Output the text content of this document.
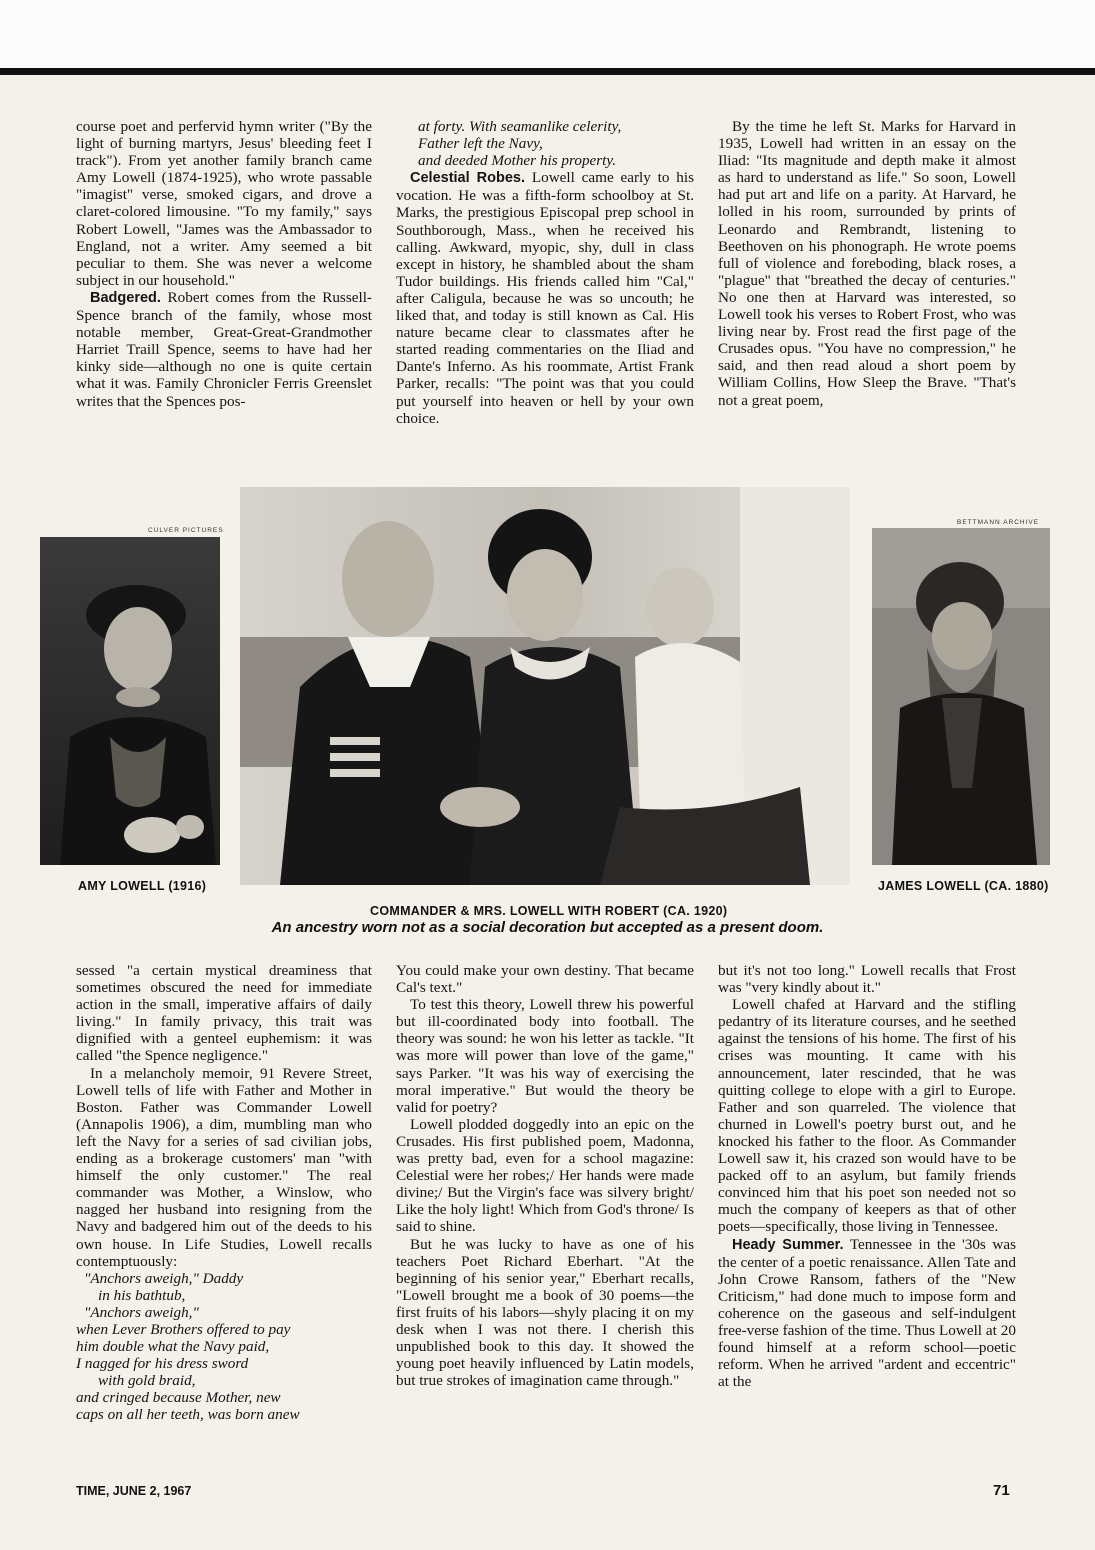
course poet and perfervid hymn writer ("By the light of burning martyrs, Jesus' bleeding feet I track"). From yet another family branch came Amy Lowell (1874-1925), who wrote passable "imagist" verse, smoked cigars, and drove a claret-colored limousine. "To my family," says Robert Lowell, "James was the Ambassador to England, not a writer. Amy seemed a bit peculiar to them. She was never a welcome subject in our household."

Badgered. Robert comes from the Russell-Spence branch of the family, whose most notable member, Great-Great-Grandmother Harriet Traill Spence, seems to have had her kinky side—although no one is quite certain what it was. Family Chronicler Ferris Greenslet writes that the Spences pos-

at forty. With seamanlike celerity,

Father left the Navy,

and deeded Mother his property.

Celestial Robes. Lowell came early to his vocation. He was a fifth-form schoolboy at St. Marks, the prestigious Episcopal prep school in Southborough, Mass., when he received his calling. Awkward, myopic, shy, dull in class except in history, he shambled about the sham Tudor buildings. His friends called him "Cal," after Caligula, because he was so uncouth; he liked that, and today is still known as Cal. His nature became clear to classmates after he started reading commentaries on the Iliad and Dante's Inferno. As his roommate, Artist Frank Parker, recalls: "The point was that you could put yourself into heaven or hell by your own choice.

By the time he left St. Marks for Harvard in 1935, Lowell had written in an essay on the Iliad: "Its magnitude and depth make it almost as hard to understand as life." So soon, Lowell had put art and life on a parity. At Harvard, he lolled in his room, surrounded by prints of Leonardo and Rembrandt, listening to Beethoven on his phonograph. He wrote poems full of violence and foreboding, black roses, a "plague" that "breathed the decay of centuries." No one then at Harvard was interested, so Lowell took his verses to Robert Frost, who was living near by. Frost read the first page of the Crusades opus. "You have no compression," he said, and then read aloud a short poem by William Collins, How Sleep the Brave. "That's not a great poem,

CULVER PICTURES
AMY LOWELL (1916)
COMMANDER & MRS. LOWELL WITH ROBERT (CA. 1920)
An ancestry worn not as a social decoration but accepted as a present doom.
BETTMANN ARCHIVE
JAMES LOWELL (CA. 1880)

sessed "a certain mystical dreaminess that sometimes obscured the need for immediate action in the small, imperative affairs of daily living." In family privacy, this trait was dignified with a genteel euphemism: it was called "the Spence negligence."

In a melancholy memoir, 91 Revere Street, Lowell tells of life with Father and Mother in Boston. Father was Commander Lowell (Annapolis 1906), a dim, mumbling man who left the Navy for a series of sad civilian jobs, ending as a brokerage customers' man "with himself the only customer." The real commander was Mother, a Winslow, who nagged her husband into resigning from the Navy and badgered him out of the deeds to his own house. In Life Studies, Lowell recalls contemptuously:

"Anchors aweigh," Daddy

in his bathtub,

"Anchors aweigh,"

when Lever Brothers offered to pay

him double what the Navy paid,

I nagged for his dress sword

with gold braid,

and cringed because Mother, new

caps on all her teeth, was born anew

You could make your own destiny. That became Cal's text."

To test this theory, Lowell threw his powerful but ill-coordinated body into football. The theory was sound: he won his letter as tackle. "It was more will power than love of the game," says Parker. "It was his way of exercising the moral imperative." But would the theory be valid for poetry?

Lowell plodded doggedly into an epic on the Crusades. His first published poem, Madonna, was pretty bad, even for a school magazine: Celestial were her robes;/ Her hands were made divine;/ But the Virgin's face was silvery bright/ Like the holy light! Which from God's throne/ Is said to shine.

But he was lucky to have as one of his teachers Poet Richard Eberhart. "At the beginning of his senior year," Eberhart recalls, "Lowell brought me a book of 30 poems—the first fruits of his labors—shyly placing it on my desk when I was not there. I cherish this unpublished book to this day. It showed the young poet heavily influenced by Latin models, but true strokes of imagination came through."

but it's not too long." Lowell recalls that Frost was "very kindly about it."

Lowell chafed at Harvard and the stifling pedantry of its literature courses, and he seethed against the tensions of his home. The first of his crises was mounting. It came with his announcement, later rescinded, that he was quitting college to elope with a girl to Europe. Father and son quarreled. The violence that churned in Lowell's poetry burst out, and he knocked his father to the floor. As Commander Lowell saw it, his crazed son would have to be packed off to an asylum, but family friends convinced him that his poet son needed not so much the company of keepers as that of other poets—specifically, those living in Tennessee.

Heady Summer. Tennessee in the '30s was the center of a poetic renaissance. Allen Tate and John Crowe Ransom, fathers of the "New Criticism," had done much to impose form and coherence on the gaseous and self-indulgent free-verse fashion of the time. Thus Lowell at 20 found himself at a reform school—poetic reform. When he arrived "ardent and eccentric" at the

TIME, JUNE 2, 1967	71
